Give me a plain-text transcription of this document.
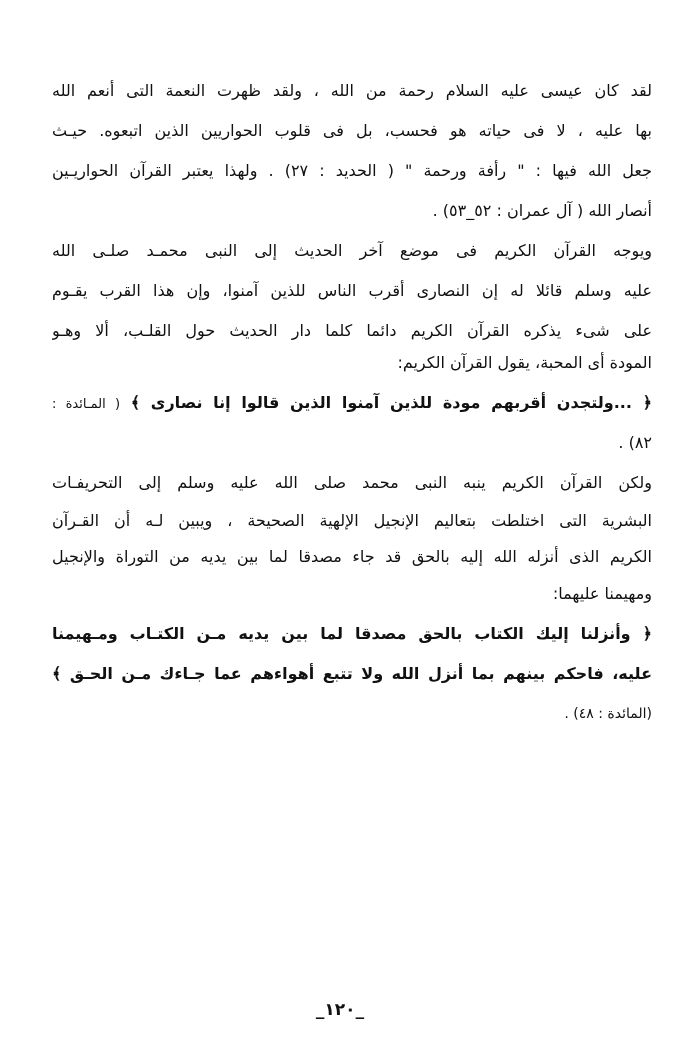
لقد كان عيسى عليه السلام رحمة من الله ، ولقد ظهرت النعمة التى أنعم الله
بها عليه ، لا فى حياته هو فحسب، بل فى قلوب الحواريين الذين اتبعوه. حيـث
جعل الله فيها : " رأفة ورحمة " ( الحديد : ٢٧) . ولهذا يعتبر القرآن الحواريـين
أنصار الله ( آل عمران : ٥٢_٥٣) .
ويوجه القرآن الكريم فى موضع آخر الحديث إلى النبى محمـد صلـى الله
عليه وسلم قائلا له إن النصارى أقرب الناس للذين آمنوا، وإن هذا القرب يقـوم
على شىء يذكره القرآن الكريم دائما كلما دار الحديث حول القلـب، ألا وهـو
المودة أى المحبة، يقول القرآن الكريم:
﴿ ...ولتجدن أقربهم مودة للذين آمنوا الذين قالوا إنا نصارى ﴾ ( المـائدة :
٨٢) .
ولكن القرآن الكريم ينبه النبى محمد صلى الله عليه وسلم إلى التحريفـات
البشرية التى اختلطت بتعاليم الإنجيل الإلهية الصحيحة ، ويبين لـه أن القـرآن
الكريم الذى أنزله الله إليه بالحق قد جاء مصدقا لما بين يديه من التوراة والإنجيل
ومهيمنا عليهما:
﴿ وأنزلنا إليك الكتاب بالحق مصدقا لما بين يديه مـن الكتـاب ومـهيمنا
عليه، فاحكم بينهم بما أنزل الله ولا تتبع أهواءهم عما جـاءك مـن الحـق ﴾
(المائدة : ٤٨) .
_١٢٠_
